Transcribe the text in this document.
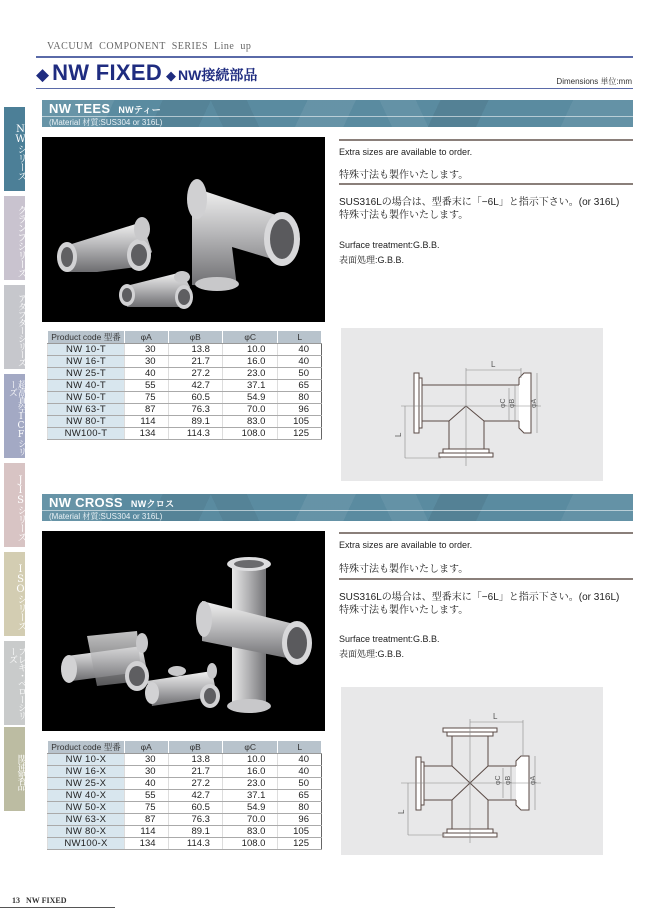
VACUUM COMPONENT SERIES Line up
◆ NW FIXED ◆ NW接続部品	Dimensions 単位:mm
NWシリーズ
クランプシリーズ
アダプターシリーズ
超高真空ICFシリーズ
JISシリーズ
ISOシリーズ
フレキ・ベローシリーズ
関連製品
NW TEES NWティー
(Material 材質:SUS304 or 316L)
Extra sizes are available to order.
特殊寸法も製作いたします。
SUS316Lの場合は、型番末に「−6L」と指示下さい。(or 316L)
特殊寸法も製作いたします。
Surface treatment:G.B.B.
表面処理:G.B.B.
Product code 型番	φA	φB	φC	L
NW 10-T	30	13.8	10.0	40
NW 16-T	30	21.7	16.0	40
NW 25-T	40	27.2	23.0	50
NW 40-T	55	42.7	37.1	65
NW 50-T	75	60.5	54.9	80
NW 63-T	87	76.3	70.0	96
NW 80-T	114	89.1	83.0	105
NW100-T	134	114.3	108.0	125
L
L
φC φB φA
NW CROSS NWクロス
(Material 材質:SUS304 or 316L)
Extra sizes are available to order.
特殊寸法も製作いたします。
SUS316Lの場合は、型番末に「−6L」と指示下さい。(or 316L)
特殊寸法も製作いたします。
Surface treatment:G.B.B.
表面処理:G.B.B.
Product code 型番	φA	φB	φC	L
NW 10-X	30	13.8	10.0	40
NW 16-X	30	21.7	16.0	40
NW 25-X	40	27.2	23.0	50
NW 40-X	55	42.7	37.1	65
NW 50-X	75	60.5	54.9	80
NW 63-X	87	76.3	70.0	96
NW 80-X	114	89.1	83.0	105
NW100-X	134	114.3	108.0	125
L
L
φC φB	φA
13 NW FIXED
